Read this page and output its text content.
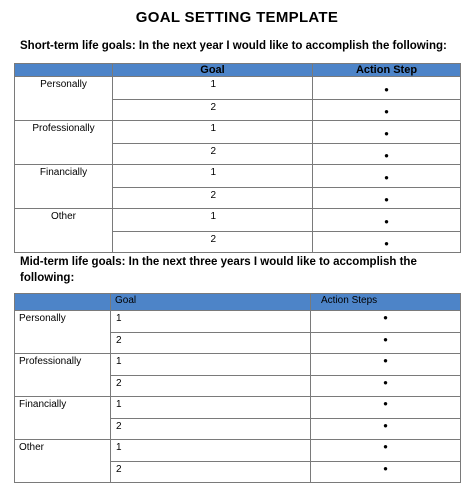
GOAL SETTING TEMPLATE
Short-term life goals: In the next year I would like to accomplish the following:
	Goal	Action Step
Personally	1	●
	2	●
Professionally	1	●
	2	●
Financially	1	●
	2	●
Other	1	●
	2	●
Mid-term life goals: In the next three years I would like to accomplish the following:
	Goal	Action Steps
Personally	1	●
	2	●
Professionally	1	●
	2	●
Financially	1	●
	2	●
Other	1	●
	2	●
